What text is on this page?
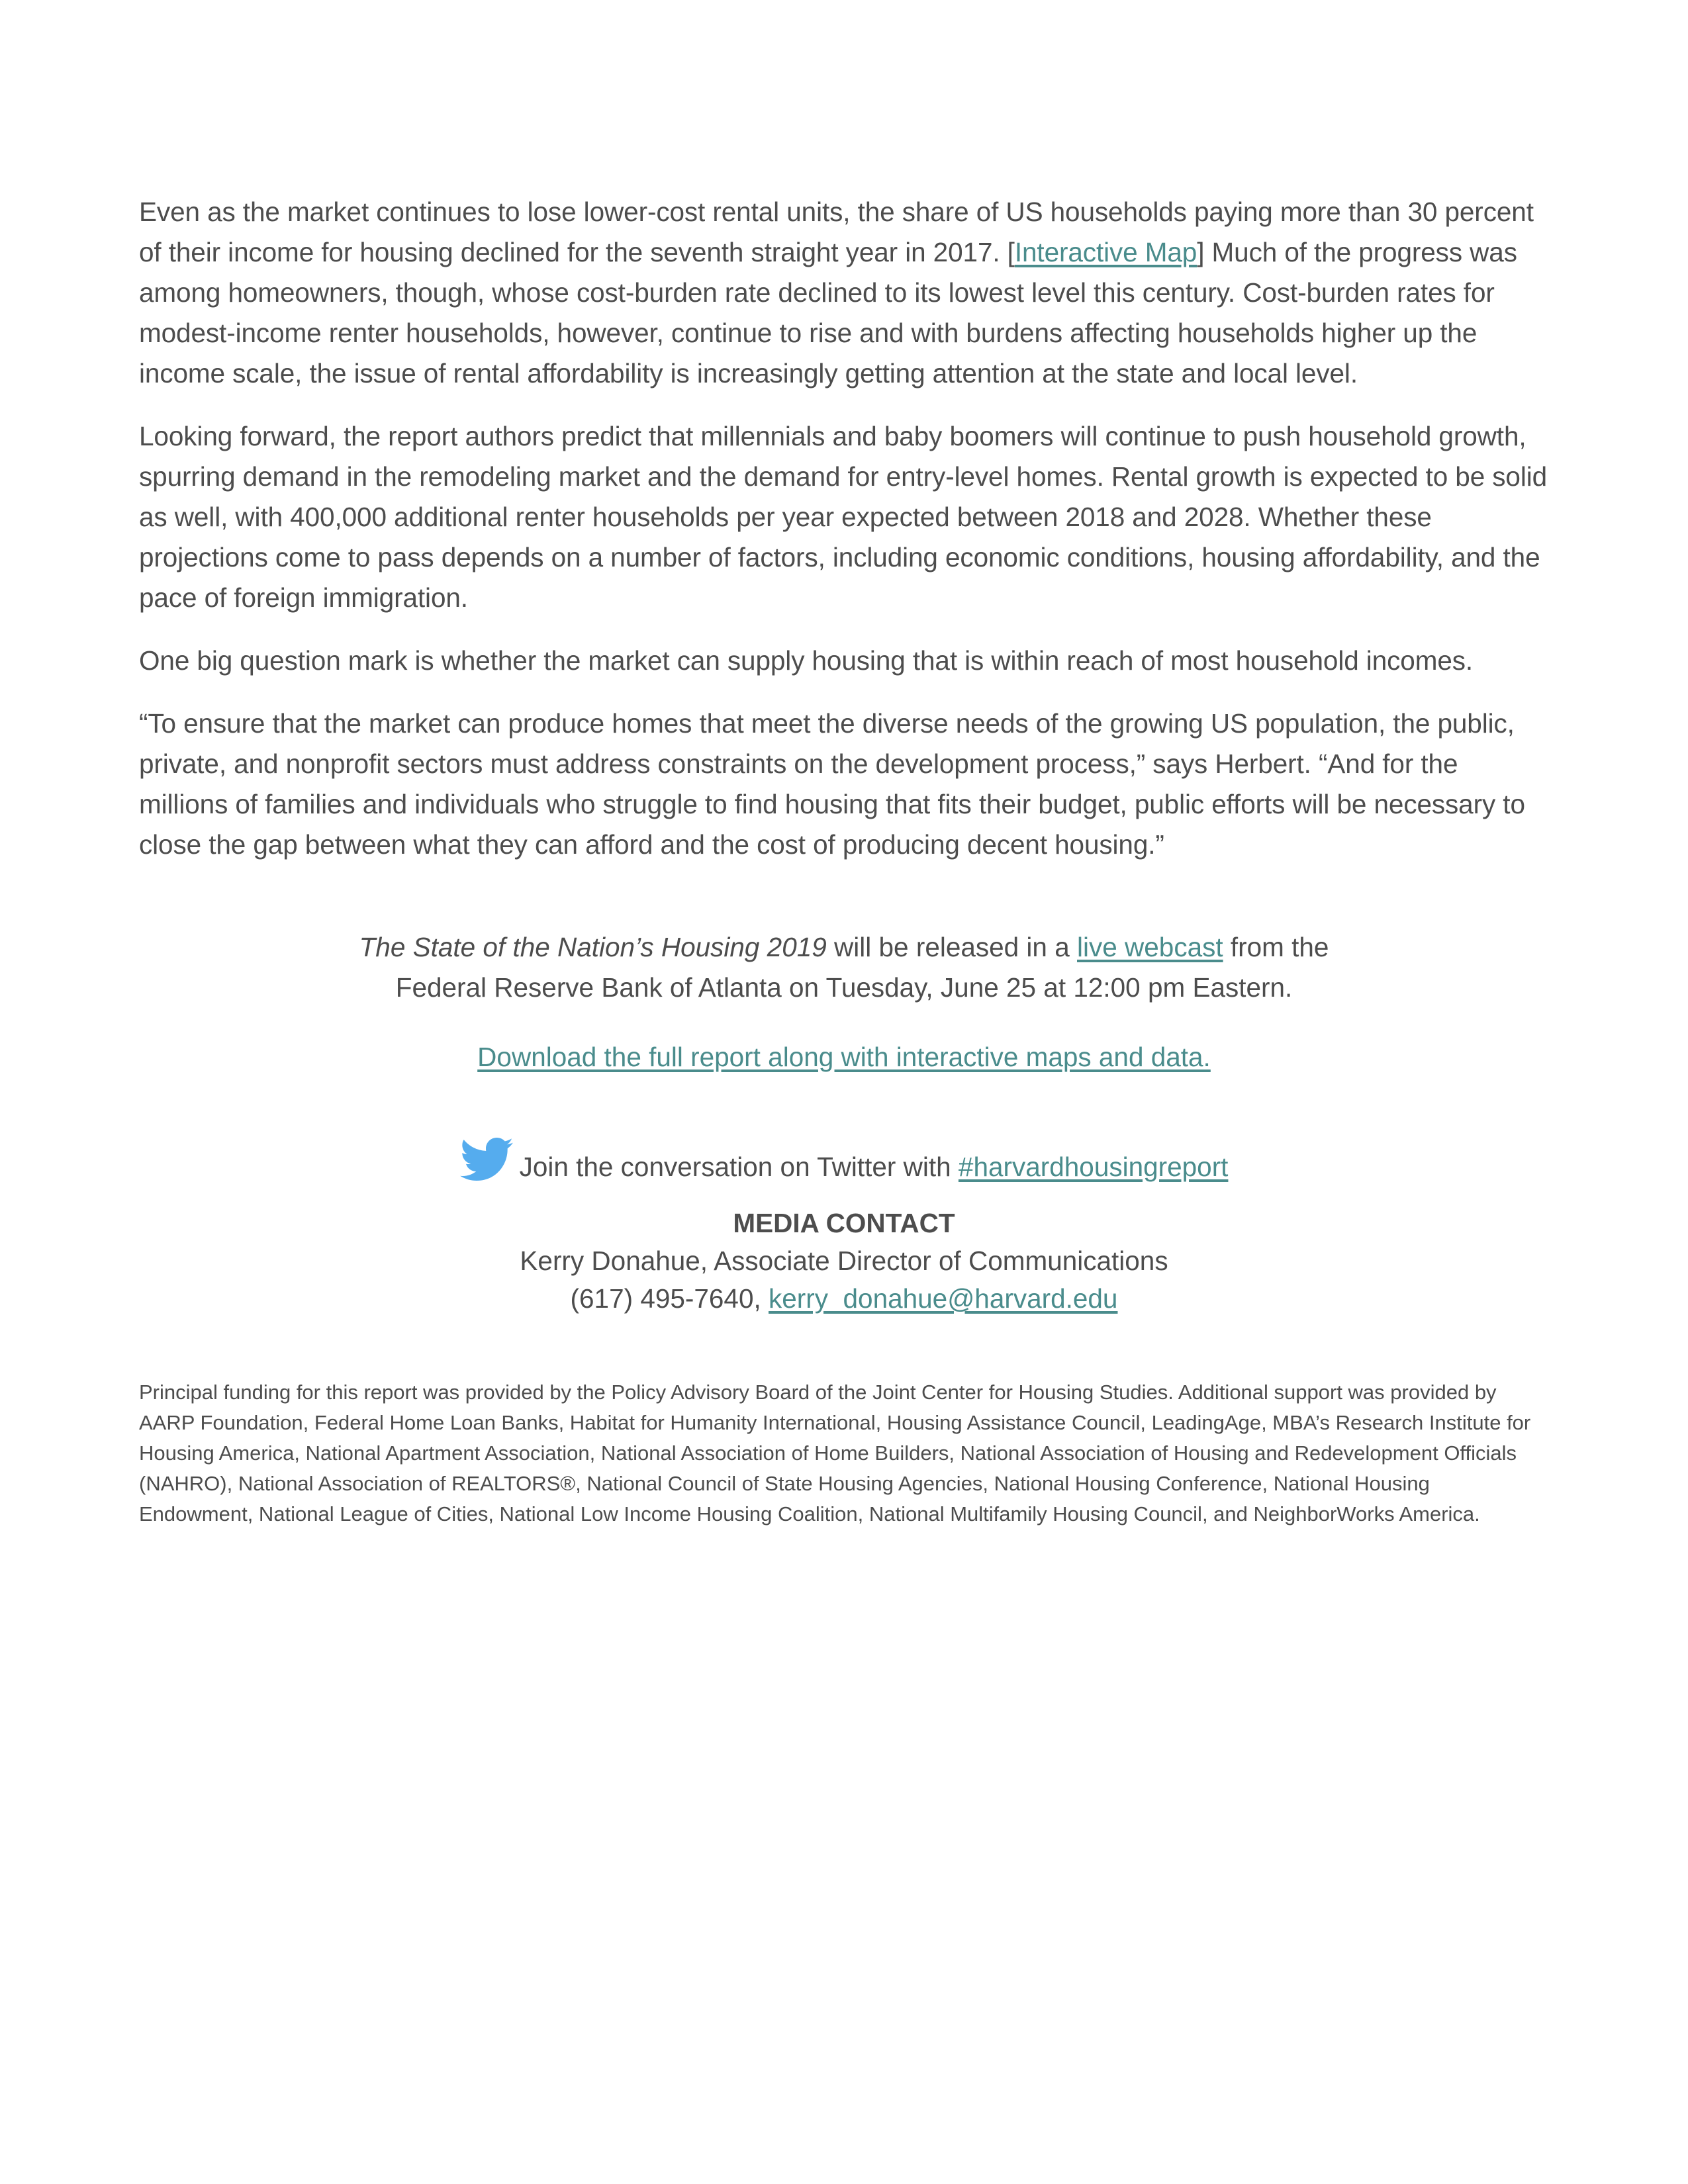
Even as the market continues to lose lower-cost rental units, the share of US households paying more than 30 percent of their income for housing declined for the seventh straight year in 2017. [Interactive Map] Much of the progress was among homeowners, though, whose cost-burden rate declined to its lowest level this century. Cost-burden rates for modest-income renter households, however, continue to rise and with burdens affecting households higher up the income scale, the issue of rental affordability is increasingly getting attention at the state and local level.

Looking forward, the report authors predict that millennials and baby boomers will continue to push household growth, spurring demand in the remodeling market and the demand for entry-level homes. Rental growth is expected to be solid as well, with 400,000 additional renter households per year expected between 2018 and 2028. Whether these projections come to pass depends on a number of factors, including economic conditions, housing affordability, and the pace of foreign immigration.

One big question mark is whether the market can supply housing that is within reach of most household incomes.

“To ensure that the market can produce homes that meet the diverse needs of the growing US population, the public, private, and nonprofit sectors must address constraints on the development process,” says Herbert. “And for the millions of families and individuals who struggle to find housing that fits their budget, public efforts will be necessary to close the gap between what they can afford and the cost of producing decent housing.”

The State of the Nation’s Housing 2019 will be released in a live webcast from the
Federal Reserve Bank of Atlanta on Tuesday, June 25 at 12:00 pm Eastern.
Download the full report along with interactive maps and data.
Join the conversation on Twitter with #harvardhousingreport
MEDIA CONTACT
Kerry Donahue, Associate Director of Communications
(617) 495-7640, kerry_donahue@harvard.edu

Principal funding for this report was provided by the Policy Advisory Board of the Joint Center for Housing Studies. Additional support was provided by AARP Foundation, Federal Home Loan Banks, Habitat for Humanity International, Housing Assistance Council, LeadingAge, MBA’s Research Institute for Housing America, National Apartment Association, National Association of Home Builders, National Association of Housing and Redevelopment Officials (NAHRO), National Association of REALTORS®, National Council of State Housing Agencies, National Housing Conference, National Housing Endowment, National League of Cities, National Low Income Housing Coalition, National Multifamily Housing Council, and NeighborWorks America.
